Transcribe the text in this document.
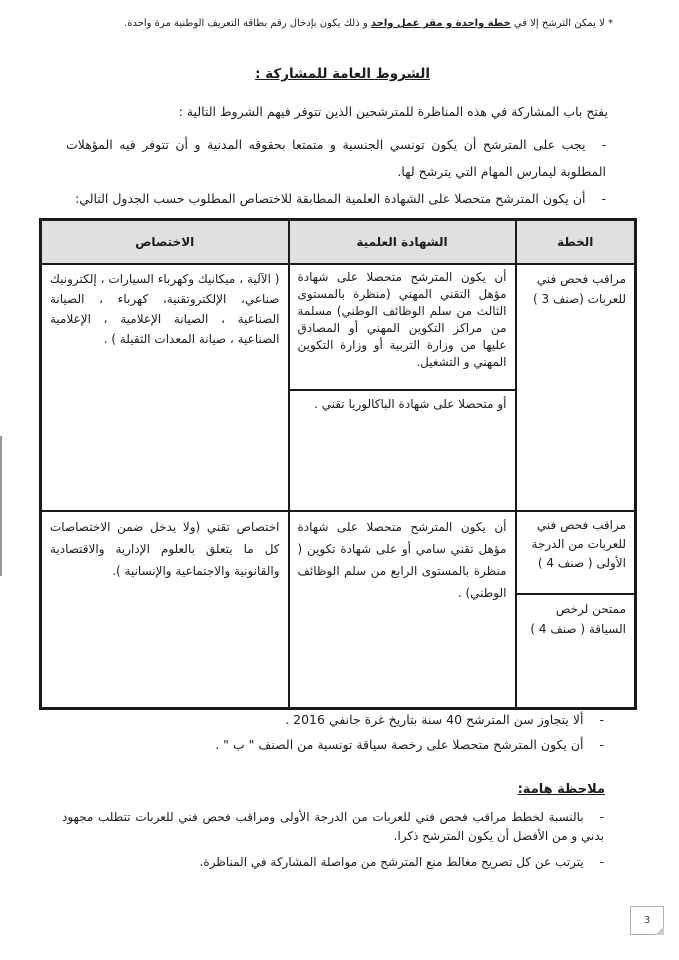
* لا يمكن الترشح إلا في خطة واحدة و مقر عمل واحد و ذلك يكون بإدخال رقم بطاقة التعريف الوطنية مرة واحدة.
الشروط العامة للمشاركة :
يفتح باب المشاركة في هذه المناظرة للمترشحين الذين تتوفر فيهم الشروط التالية :
-يجب على المترشح أن يكون تونسي الجنسية و متمتعا بحقوقه المدنية و أن تتوفر فيه المؤهلات المطلوبة ليمارس المهام التي يترشح لها.
-أن يكون المترشح متحصلا على الشهادة العلمية المطابقة للاختصاص المطلوب حسب الجدول التالي:
الخطة	الشهادة العلمية	الاختصاص
مراقب فحص فني للعربات (صنف 3 )	أن يكون المترشح متحصلا على شهادة مؤهل التقني المهني (منظرة بالمستوى الثالث من سلم الوظائف الوطني) مسلمة من مراكز التكوين المهني أو المصادق عليها من وزارة التربية أو وزارة التكوين المهني و التشغيل.	( الآلية ، ميكانيك وكهرباء السيارات ، إلكترونيك صناعي، الإلكتروتقنية، كهرباء ، الصيانة الصناعية ، الصيانة الإعلامية ، الإعلامية الصناعية ، صيانة المعدات الثقيلة ) .
	أو متحصلا على شهادة الباكالوريا تقني .	
مراقب فحص فني للعربات من الدرجة الأولى ( صنف 4 )	أن يكون المترشح متحصلا على شهادة مؤهل تقني سامي أو على شهادة تكوين ( منظرة بالمستوى الرابع من سلم الوظائف الوطني) .	اختصاص تقني (ولا يدخل ضمن الاختصاصات كل ما يتعلق بالعلوم الإدارية والاقتصادية والقانونية والاجتماعية والإنسانية ).
ممتحن لرخص السياقة ( صنف 4 )		
-ألا يتجاوز سن المترشح 40 سنة بتاريخ غرة جانفي 2016 .
-أن يكون المترشح متحصلا على رخصة سياقة تونسية من الصنف " ب " .
ملاحظة هامة:
-بالنسبة لخطط مراقب فحص فني للعربات من الدرجة الأولى ومراقب فحص فني للعربات تتطلب مجهود بدني و من الأفضل أن يكون المترشح ذكرا.
-يترتب عن كل تصريح مغالط منع المترشح من مواصلة المشاركة في المناظرة.
3
